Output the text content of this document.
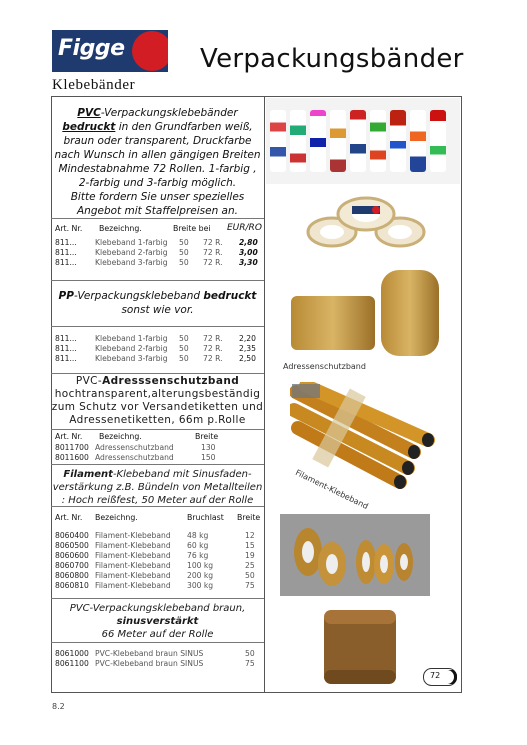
Figge	Verpackungsbänder
Klebebänder

PVC-Verpackungsklebebänder

bedruckt in den Grundfarben weiß,

braun oder transparent, Druckfarbe

nach Wunsch in allen gängigen Breiten

Mindestabnahme 72 Rollen. 1-farbig ,

2-farbig und 3-farbig möglich.

Bitte fordern Sie unser spezielles

Angebot mit Staffelpreisen an.

Art. Nr. Bezeichng.	Breite bei EUR/RO
811... Klebeband 1-farbig 50 72 R. 2,80
811... Klebeband 2-farbig 50 72 R. 3,00
811... Klebeband 3-farbig 50 72 R. 3,30

PP-Verpackungsklebeband bedruckt

sonst wie vor.

811... Klebeband 1-farbig 50 72 R. 2,20
811... Klebeband 2-farbig 50 72 R. 2,35
811... Klebeband 3-farbig 50 72 R. 2,50

PVC-Adresssenschutzband

hochtransparent,alterungsbeständig

zum Schutz vor Versandetiketten und

Adressenetiketten, 66m p.Rolle

Art. Nr. Bezeichng.	Breite
8011700 Adressenschutzband	130
8011600 Adressenschutzband	150

Filament-Klebeband mit Sinusfaden-

verstärkung z.B. Bündeln von Metallteilen

: Hoch reißfest, 50 Meter auf der Rolle

Art. Nr. Bezeichng.	Bruchlast Breite
8060400 Filament-Klebeband 48 kg	12
8060500 Filament-Klebeband 60 kg	15
8060600 Filament-Klebeband 76 kg	19
8060700 Filament-Klebeband 100 kg	25
8060800 Filament-Klebeband 200 kg	50
8060810 Filament-Klebeband 300 kg	75

PVC-Verpackungsklebeband braun,

sinusverstärkt

66 Meter auf der Rolle

8061000 PVC-Klebeband braun SINUS	50
8061100 PVC-Klebeband braun SINUS	75
Adressenschutzband
Filament-Klebeband
72
8.2
